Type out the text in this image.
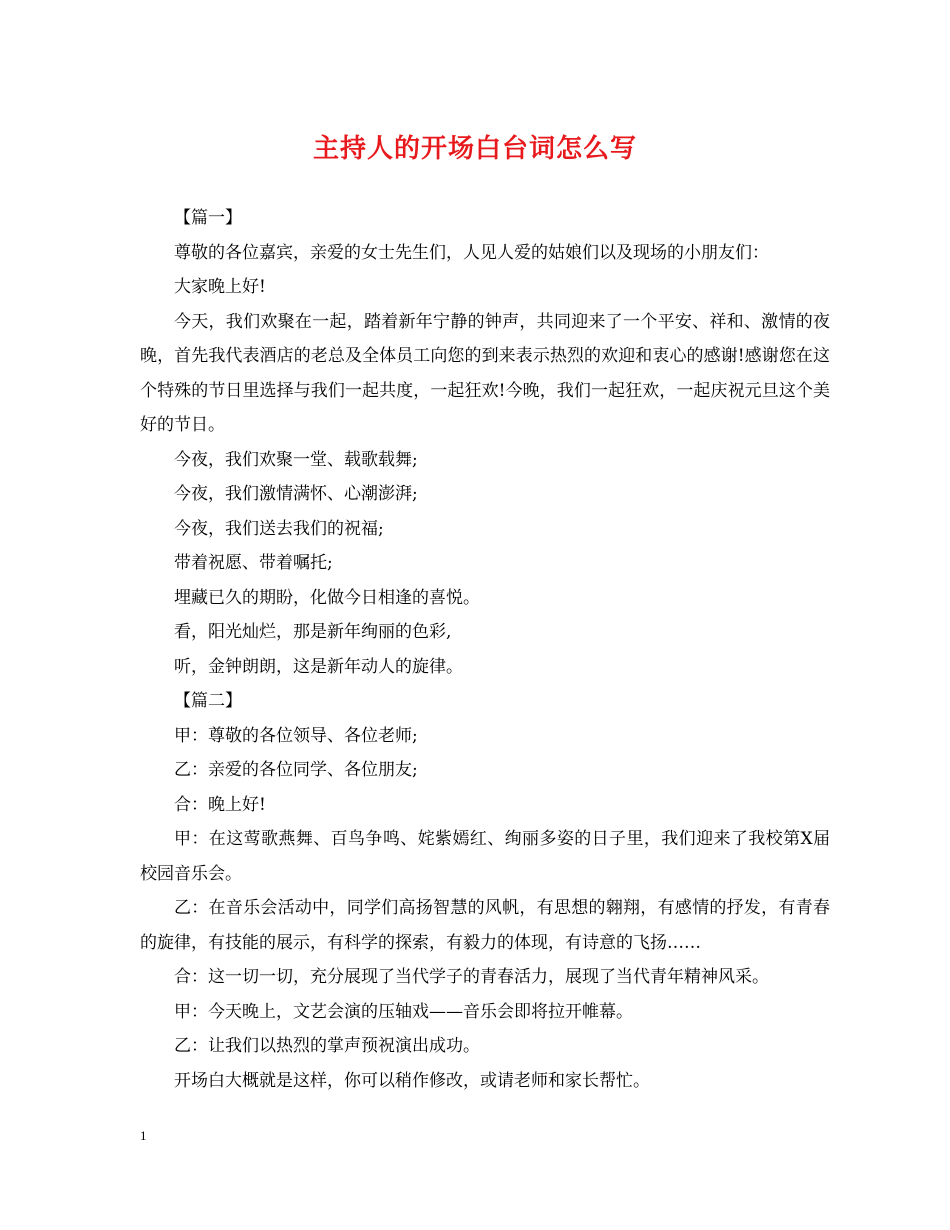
主持人的开场白台词怎么写

【篇一】

尊敬的各位嘉宾，亲爱的女士先生们，人见人爱的姑娘们以及现场的小朋友们：

大家晚上好!

今天，我们欢聚在一起，踏着新年宁静的钟声，共同迎来了一个平安、祥和、激情的夜晚，首先我代表酒店的老总及全体员工向您的到来表示热烈的欢迎和衷心的感谢!感谢您在这个特殊的节日里选择与我们一起共度，一起狂欢!今晚，我们一起狂欢，一起庆祝元旦这个美好的节日。

今夜，我们欢聚一堂、载歌载舞;

今夜，我们激情满怀、心潮澎湃;

今夜，我们送去我们的祝福;

带着祝愿、带着嘱托;

埋藏已久的期盼，化做今日相逢的喜悦。

看，阳光灿烂，那是新年绚丽的色彩,

听，金钟朗朗，这是新年动人的旋律。

【篇二】

甲：尊敬的各位领导、各位老师;

乙：亲爱的各位同学、各位朋友;

合：晚上好!

甲：在这莺歌燕舞、百鸟争鸣、姹紫嫣红、绚丽多姿的日子里，我们迎来了我校第X届校园音乐会。

乙：在音乐会活动中，同学们高扬智慧的风帆，有思想的翱翔，有感情的抒发，有青春的旋律，有技能的展示，有科学的探索，有毅力的体现，有诗意的飞扬……

合：这一切一切，充分展现了当代学子的青春活力，展现了当代青年精神风采。

甲：今天晚上，文艺会演的压轴戏——音乐会即将拉开帷幕。

乙：让我们以热烈的掌声预祝演出成功。

开场白大概就是这样，你可以稍作修改，或请老师和家长帮忙。

1
